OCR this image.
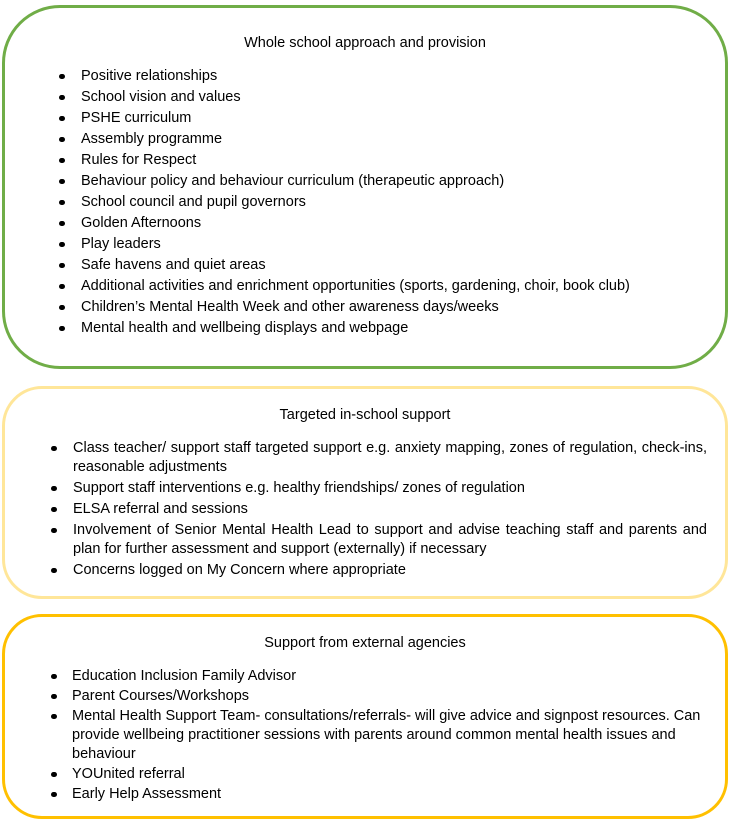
Whole school approach and provision

Positive relationships
School vision and values
PSHE curriculum
Assembly programme
Rules for Respect
Behaviour policy and behaviour curriculum (therapeutic approach)
School council and pupil governors
Golden Afternoons
Play leaders
Safe havens and quiet areas
Additional activities and enrichment opportunities (sports, gardening, choir, book club)
Children’s Mental Health Week and other awareness days/weeks
Mental health and wellbeing displays and webpage

Targeted in-school support

Class teacher/ support staff targeted support e.g. anxiety mapping, zones of regulation, check-ins, reasonable adjustments
Support staff interventions e.g. healthy friendships/ zones of regulation
ELSA referral and sessions
Involvement of Senior Mental Health Lead to support and advise teaching staff and parents and plan for further assessment and support (externally) if necessary
Concerns logged on My Concern where appropriate

Support from external agencies

Education Inclusion Family Advisor
Parent Courses/Workshops
Mental Health Support Team- consultations/referrals- will give advice and signpost resources. Can provide wellbeing practitioner sessions with parents around common mental health issues and behaviour
YOUnited referral
Early Help Assessment
